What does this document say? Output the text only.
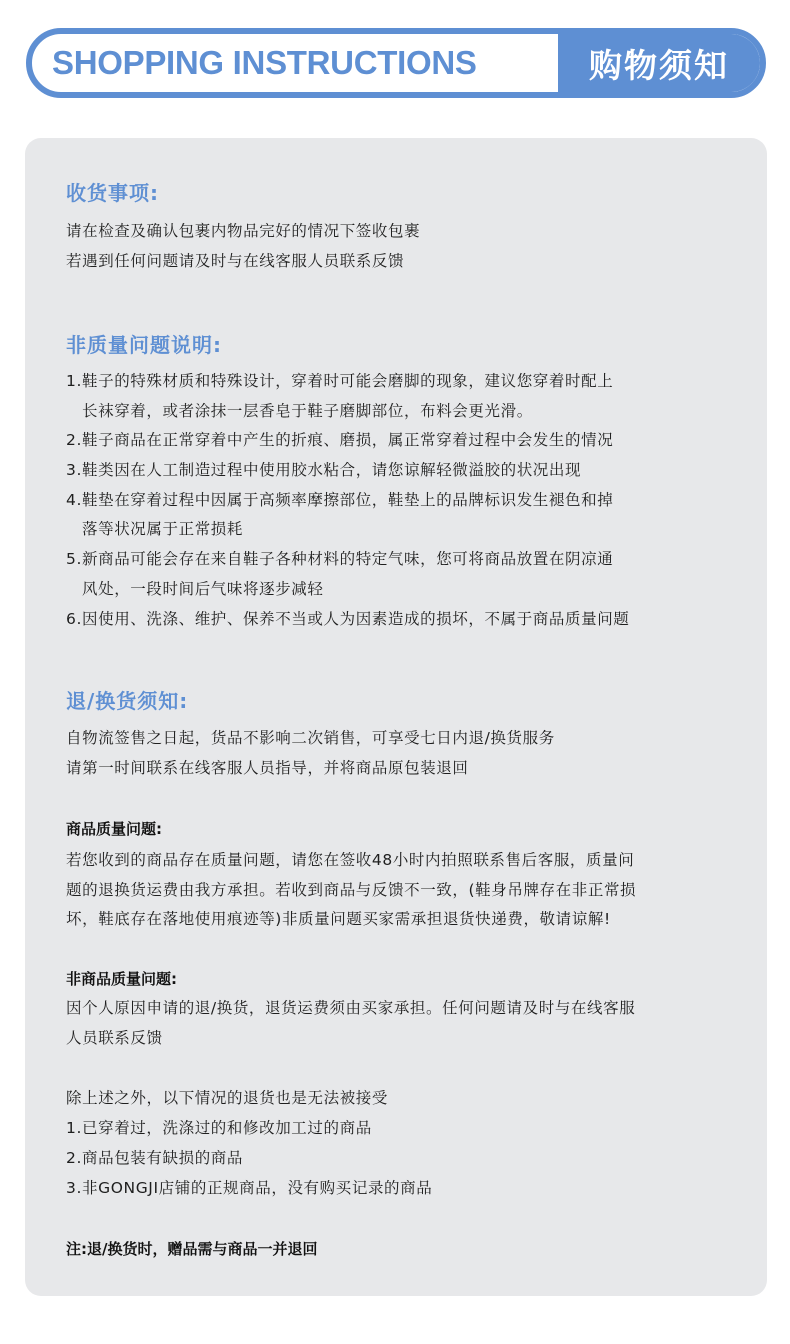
SHOPPING INSTRUCTIONS	购物须知
收货事项:
请在检查及确认包裹内物品完好的情况下签收包裹
若遇到任何问题请及时与在线客服人员联系反馈
非质量问题说明:
1.鞋子的特殊材质和特殊设计，穿着时可能会磨脚的现象，建议您穿着时配上
长袜穿着，或者涂抹一层香皂于鞋子磨脚部位，布料会更光滑。
2.鞋子商品在正常穿着中产生的折痕、磨损，属正常穿着过程中会发生的情况
3.鞋类因在人工制造过程中使用胶水粘合，请您谅解轻微溢胶的状况出现
4.鞋垫在穿着过程中因属于高频率摩擦部位，鞋垫上的品牌标识发生褪色和掉
落等状况属于正常损耗
5.新商品可能会存在来自鞋子各种材料的特定气味，您可将商品放置在阴凉通
风处，一段时间后气味将逐步减轻
6.因使用、洗涤、维护、保养不当或人为因素造成的损坏，不属于商品质量问题
退/换货须知:
自物流签售之日起，货品不影响二次销售，可享受七日内退/换货服务
请第一时间联系在线客服人员指导，并将商品原包装退回
商品质量问题:
若您收到的商品存在质量问题，请您在签收48小时内拍照联系售后客服，质量问
题的退换货运费由我方承担。若收到商品与反馈不一致，(鞋身吊牌存在非正常损
坏，鞋底存在落地使用痕迹等)非质量问题买家需承担退货快递费，敬请谅解!
非商品质量问题:
因个人原因申请的退/换货，退货运费须由买家承担。任何问题请及时与在线客服
人员联系反馈
除上述之外，以下情况的退货也是无法被接受
1.已穿着过，洗涤过的和修改加工过的商品
2.商品包装有缺损的商品
3.非GONGJI店铺的正规商品，没有购买记录的商品
注:退/换货时，赠品需与商品一并退回
